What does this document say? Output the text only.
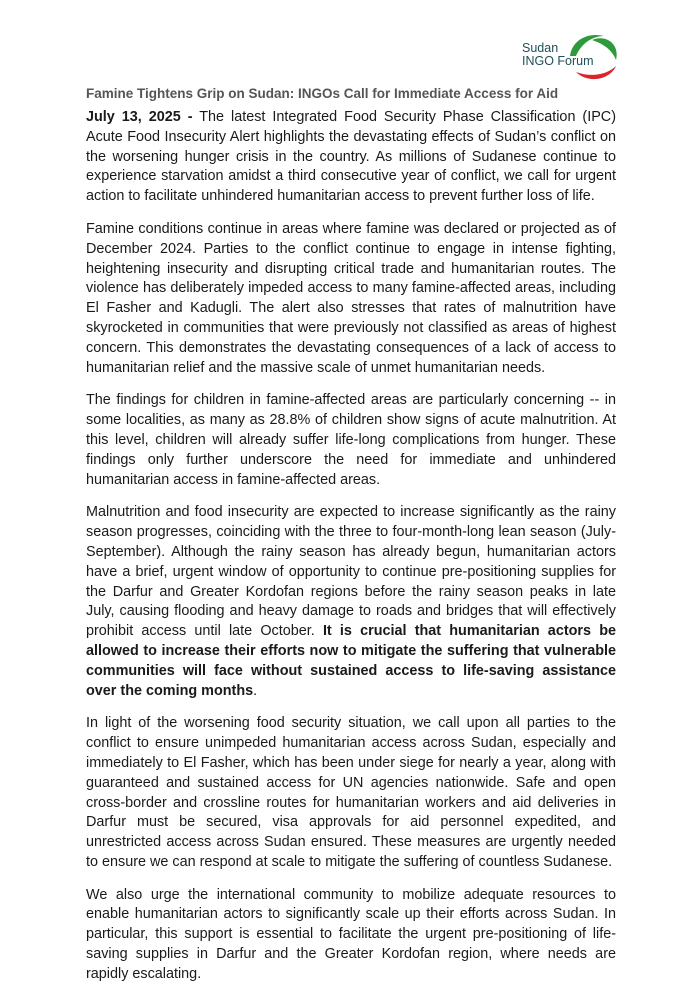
Sudan
INGO Forum
Famine Tightens Grip on Sudan: INGOs Call for Immediate Access for Aid

July 13, 2025 - The latest Integrated Food Security Phase Classification (IPC) Acute Food Insecurity Alert highlights the devastating effects of Sudan’s conflict on the worsening hunger crisis in the country. As millions of Sudanese continue to experience starvation amidst a third consecutive year of conflict, we call for urgent action to facilitate unhindered humanitarian access to prevent further loss of life.

Famine conditions continue in areas where famine was declared or projected as of December 2024. Parties to the conflict continue to engage in intense fighting, heightening insecurity and disrupting critical trade and humanitarian routes. The violence has deliberately impeded access to many famine-affected areas, including El Fasher and Kadugli. The alert also stresses that rates of malnutrition have skyrocketed in communities that were previously not classified as areas of highest concern. This demonstrates the devastating consequences of a lack of access to humanitarian relief and the massive scale of unmet humanitarian needs.

The findings for children in famine-affected areas are particularly concerning -- in some localities, as many as 28.8% of children show signs of acute malnutrition. At this level, children will already suffer life-long complications from hunger. These findings only further underscore the need for immediate and unhindered humanitarian access in famine-affected areas.

Malnutrition and food insecurity are expected to increase significantly as the rainy season progresses, coinciding with the three to four-month-long lean season (July-September). Although the rainy season has already begun, humanitarian actors have a brief, urgent window of opportunity to continue pre-positioning supplies for the Darfur and Greater Kordofan regions before the rainy season peaks in late July, causing flooding and heavy damage to roads and bridges that will effectively prohibit access until late October. It is crucial that humanitarian actors be allowed to increase their efforts now to mitigate the suffering that vulnerable communities will face without sustained access to life-saving assistance over the coming months.

In light of the worsening food security situation, we call upon all parties to the conflict to ensure unimpeded humanitarian access across Sudan, especially and immediately to El Fasher, which has been under siege for nearly a year, along with guaranteed and sustained access for UN agencies nationwide. Safe and open cross-border and crossline routes for humanitarian workers and aid deliveries in Darfur must be secured, visa approvals for aid personnel expedited, and unrestricted access across Sudan ensured. These measures are urgently needed to ensure we can respond at scale to mitigate the suffering of countless Sudanese.

We also urge the international community to mobilize adequate resources to enable humanitarian actors to significantly scale up their efforts across Sudan. In particular, this support is essential to facilitate the urgent pre-positioning of life-saving supplies in Darfur and the Greater Kordofan region, where needs are rapidly escalating.
